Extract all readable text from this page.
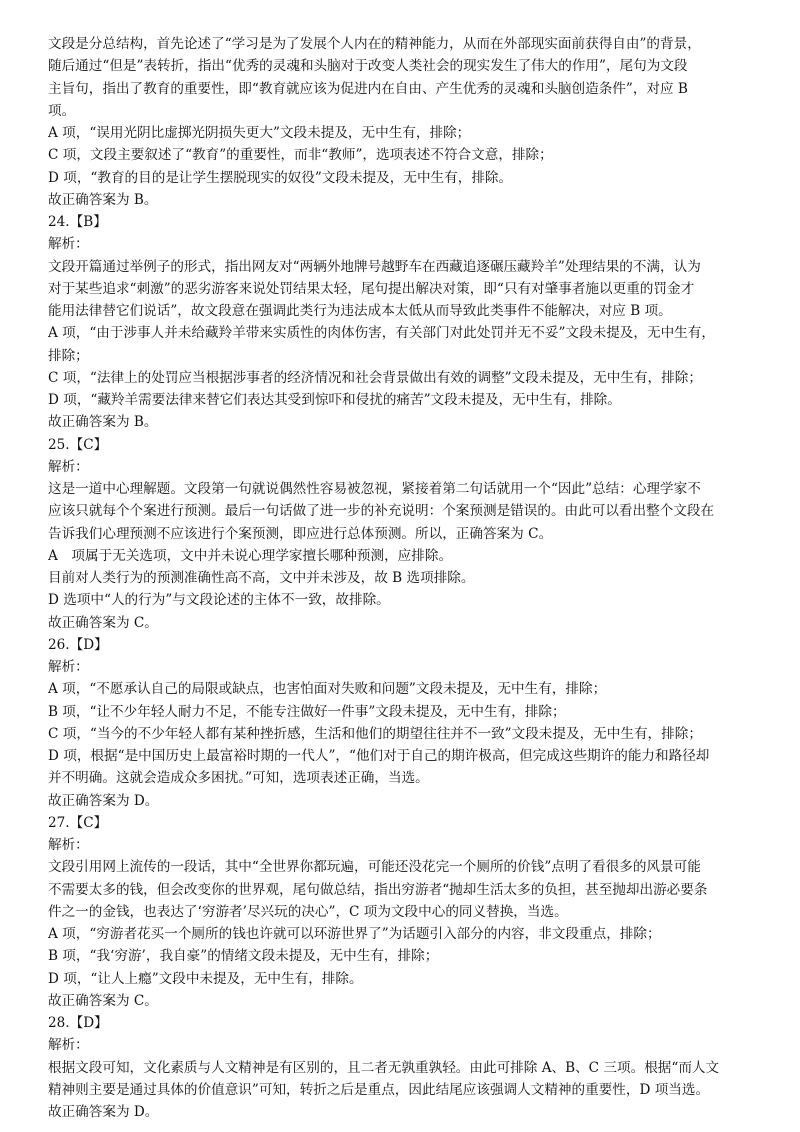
文段是分总结构，首先论述了“学习是为了发展个人内在的精神能力，从而在外部现实面前获得自由”的背景，

随后通过“但是”表转折，指出“优秀的灵魂和头脑对于改变人类社会的现实发生了伟大的作用”，尾句为文段

主旨句，指出了教育的重要性，即“教育就应该为促进内在自由、产生优秀的灵魂和头脑创造条件”，对应 B

项。

A 项，“误用光阴比虚掷光阴损失更大”文段未提及，无中生有，排除；

C 项，文段主要叙述了“教育”的重要性，而非“教师”，选项表述不符合文意，排除；

D 项，“教育的目的是让学生摆脱现实的奴役”文段未提及，无中生有，排除。

故正确答案为 B。

24.【B】

解析：

文段开篇通过举例子的形式，指出网友对“两辆外地牌号越野车在西藏追逐碾压藏羚羊”处理结果的不满，认为

对于某些追求“刺激”的恶劣游客来说处罚结果太轻，尾句提出解决对策，即“只有对肇事者施以更重的罚金才

能用法律替它们说话”，故文段意在强调此类行为违法成本太低从而导致此类事件不能解决，对应 B 项。

A 项，“由于涉事人并未给藏羚羊带来实质性的肉体伤害，有关部门对此处罚并无不妥”文段未提及，无中生有，

排除；

C 项，“法律上的处罚应当根据涉事者的经济情况和社会背景做出有效的调整”文段未提及，无中生有，排除；

D 项，“藏羚羊需要法律来替它们表达其受到惊吓和侵扰的痛苦”文段未提及，无中生有，排除。

故正确答案为 B。

25.【C】

解析：

这是一道中心理解题。文段第一句就说偶然性容易被忽视，紧接着第二句话就用一个“因此”总结：心理学家不

应该只就每个个案进行预测。最后一句话做了进一步的补充说明：个案预测是错误的。由此可以看出整个文段在

告诉我们心理预测不应该进行个案预测，即应进行总体预测。所以，正确答案为 C。

A　项属于无关选项，文中并未说心理学家擅长哪种预测，应排除。

目前对人类行为的预测准确性高不高，文中并未涉及，故 B 选项排除。

D 选项中“人的行为”与文段论述的主体不一致，故排除。

故正确答案为 C。

26.【D】

解析：

A 项，“不愿承认自己的局限或缺点，也害怕面对失败和问题”文段未提及，无中生有，排除；

B 项，“让不少年轻人耐力不足，不能专注做好一件事”文段未提及，无中生有，排除；

C 项，“当今的不少年轻人都有某种挫折感，生活和他们的期望往往并不一致”文段未提及，无中生有，排除；

D 项，根据“是中国历史上最富裕时期的一代人”，“他们对于自己的期许极高，但完成这些期许的能力和路径却

并不明确。这就会造成众多困扰。”可知，选项表述正确，当选。

故正确答案为 D。

27.【C】

解析：

文段引用网上流传的一段话，其中“全世界你都玩遍，可能还没花完一个厕所的价钱”点明了看很多的风景可能

不需要太多的钱，但会改变你的世界观，尾句做总结，指出穷游者“抛却生活太多的负担，甚至抛却出游必要条

件之一的金钱，也表达了‘穷游者’尽兴玩的决心”，C 项为文段中心的同义替换，当选。

A 项，“穷游者花买一个厕所的钱也许就可以环游世界了”为话题引入部分的内容，非文段重点，排除；

B 项，“我‘穷游’，我自豪”的情绪文段未提及，无中生有，排除；

D 项，“让人上瘾”文段中未提及，无中生有，排除。

故正确答案为 C。

28.【D】

解析：

根据文段可知，文化素质与人文精神是有区别的，且二者无孰重孰轻。由此可排除 A、B、C 三项。根据“而人文

精神则主要是通过具体的价值意识”可知，转折之后是重点，因此结尾应该强调人文精神的重要性，D 项当选。

故正确答案为 D。
